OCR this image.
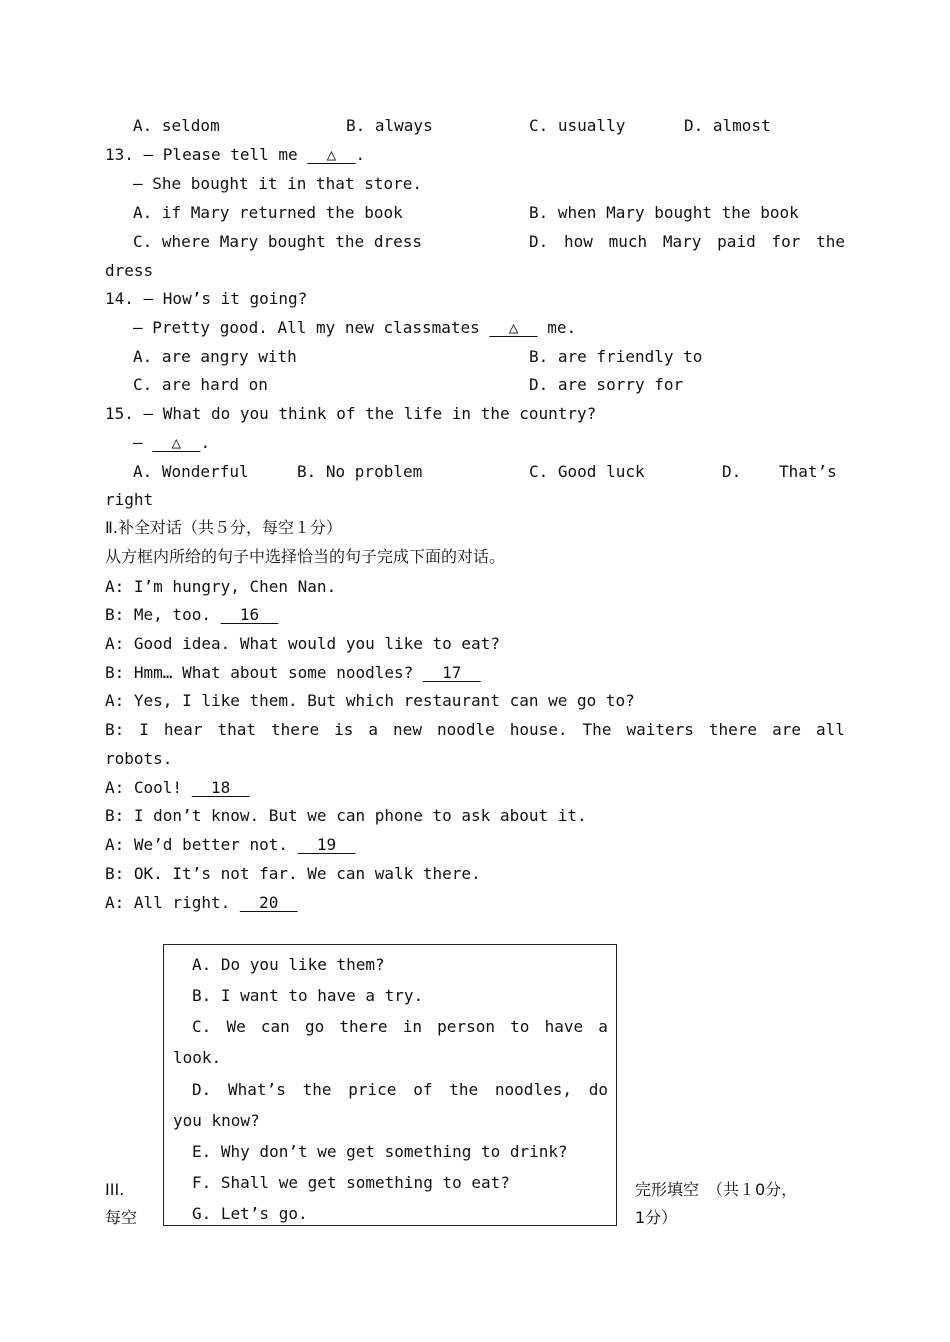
A. seldom	B. always	C. usually	D. almost
13. — Please tell me   △  .
— She bought it in that store.
A. if Mary returned the book	B. when Mary bought the book
C. where Mary bought the dress	D. how much Mary paid for the
dress
14. — How’s it going?
— Pretty good. All my new classmates   △   me.
A. are angry with	B. are friendly to
C. are hard on	D. are sorry for
15. — What do you think of the life in the country?
—   △  .
A. Wonderful	B. No problem	C. Good luck	D. That’s
right
Ⅱ.补全对话（共５分，每空１分）
从方框内所给的句子中选择恰当的句子完成下面的对话。
A: I’m hungry, Chen Nan.
B: Me, too.   16
A: Good idea. What would you like to eat?
B: Hmm… What about some noodles?   17
A: Yes, I like them. But which restaurant can we go to?
B: I hear that there is a new noodle house. The waiters there are all
robots.
A: Cool!   18
B: I don’t know. But we can phone to ask about it.
A: We’d better not.   19
B: OK. It’s not far. We can walk there.
A: All right.   20
A. Do you like them?
B. I want to have a try.
C. We can go there in person to have a
look.
D. What’s the price of the noodles, do
you know?
E. Why don’t we get something to drink?
F. Shall we get something to eat?
G. Let’s go.
III.
每空
完形填空　（共１0分，
1分）
